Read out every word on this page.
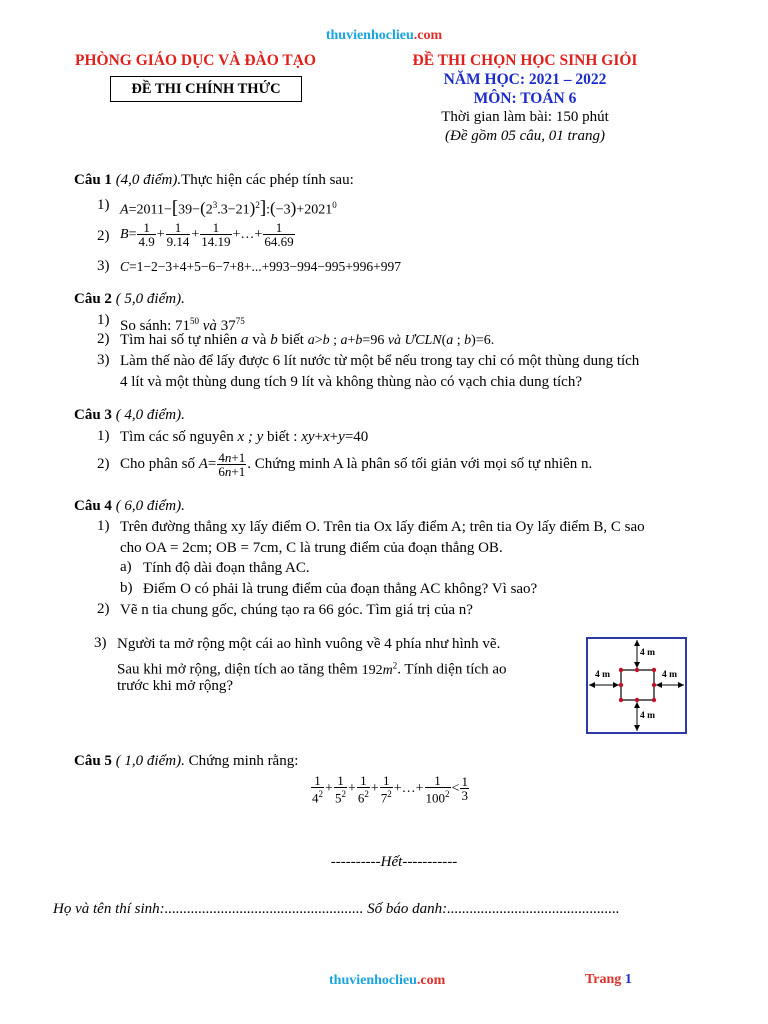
thuvienhoclieu.com
PHÒNG GIÁO DỤC VÀ ĐÀO TẠO
ĐỀ THI CHÍNH THỨC
ĐỀ THI CHỌN HỌC SINH GIỎI
NĂM HỌC: 2021 – 2022
MÔN: TOÁN 6
Thời gian làm bài: 150 phút
(Đề gồm 05 câu, 01 trang)
Câu 1 (4,0 điểm).Thực hiện các phép tính sau:
1) $A=2011-[39-(2^3.3-21)^2]:(-3)+2021^0$
2) $B= \frac{1}{4.9} + \frac{1}{9.14} + \frac{1}{14.19}$ +…+ $\frac{1}{64.69}$
3) C=1−2−3+4+5−6−7+8+...+993−994−995+996+997
Câu 2 ( 5,0 điểm).
1) So sánh: $71^{50}$ và $37^{75}$
2) Tìm hai số tự nhiên a và b biết a>b ; a+b=96 và ƯCLN(a ; b)=6.
3) Làm thế nào để lấy được 6 lít nước từ một bể nếu trong tay chỉ có một thùng dung tích
4 lít và một thùng dung tích 9 lít và không thùng nào có vạch chia dung tích?
Câu 3 ( 4,0 điểm).
1) Tìm các số nguyên x ; y biết : xy+x+y=40
2) Cho phân số $A= \frac{4n+1}{6n+1}$ . Chứng minh A là phân số tối giản với mọi số tự nhiên n.
Câu 4 ( 6,0 điểm).
1) Trên đường thẳng xy lấy điểm O. Trên tia Ox lấy điểm A; trên tia Oy lấy điểm B, C sao
cho OA = 2cm; OB = 7cm, C là trung điểm của đoạn thẳng OB.
a) Tính độ dài đoạn thẳng AC.
b) Điểm O có phải là trung điểm của đoạn thẳng AC không? Vì sao?
2) Vẽ n tia chung gốc, chúng tạo ra 66 góc. Tìm giá trị của n?
3) Người ta mở rộng một cái ao hình vuông về 4 phía như hình vẽ.
Sau khi mở rộng, diện tích ao tăng thêm $192m^2$. Tính diện tích ao
trước khi mở rộng?
4 m
4 m	4 m
4 m
Câu 5 ( 1,0 điểm). Chứng minh rằng:
$\frac{1}{4^2} + \frac{1}{5^2} + \frac{1}{6^2} + \frac{1}{7^2}$ +…+ $\frac{1}{100^2} < \frac{1}{3}$
----------Hết-----------
Họ và tên thí sinh:..................................................... Số báo danh:..............................................
thuvienhoclieu.com	Trang 1
